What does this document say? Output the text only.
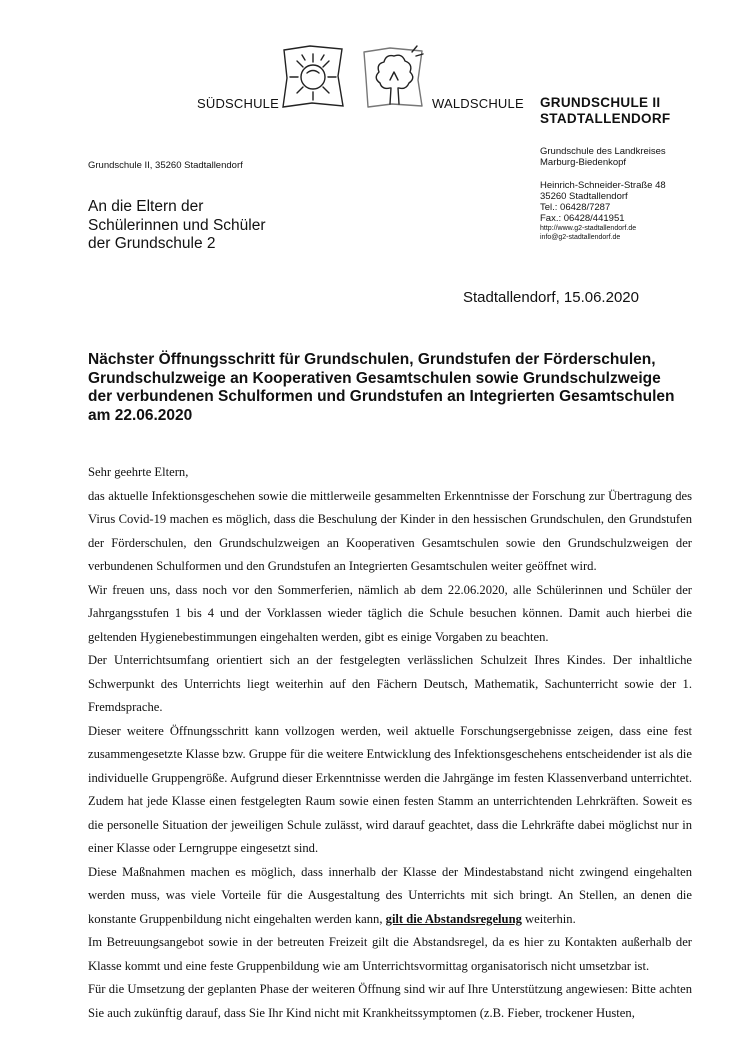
SÜDSCHULE	WALDSCHULE GRUNDSCHULE II
STADTALLENDORF
Grundschule II, 35260 Stadtallendorf
Grundschule des Landkreises
Marburg-Biedenkopf
Heinrich-Schneider-Straße 48
35260 Stadtallendorf
Tel.: 06428/7287
Fax.: 06428/441951
http://www.g2-stadtallendorf.de
info@g2-stadtallendorf.de
An die Eltern der
Schülerinnen und Schüler
der Grundschule 2
Stadtallendorf, 15.06.2020
Nächster Öffnungsschritt für Grundschulen, Grundstufen der Förderschulen, Grundschulzweige an Kooperativen Gesamtschulen sowie Grundschulzweige der verbundenen Schulformen und Grundstufen an Integrierten Gesamtschulen am 22.06.2020

Sehr geehrte Eltern,

das aktuelle Infektionsgeschehen sowie die mittlerweile gesammelten Erkenntnisse der Forschung zur Übertragung des Virus Covid-19 machen es möglich, dass die Beschulung der Kinder in den hessischen Grundschulen, den Grundstufen der Förderschulen, den Grundschulzweigen an Kooperativen Gesamtschulen sowie den Grundschulzweigen der verbundenen Schulformen und den Grundstufen an Integrierten Gesamtschulen weiter geöffnet wird.

Wir freuen uns, dass noch vor den Sommerferien, nämlich ab dem 22.06.2020, alle Schülerinnen und Schüler der Jahrgangsstufen 1 bis 4 und der Vorklassen wieder täglich die Schule besuchen können. Damit auch hierbei die geltenden Hygienebestimmungen eingehalten werden, gibt es einige Vorgaben zu beachten.

Der Unterrichtsumfang orientiert sich an der festgelegten verlässlichen Schulzeit Ihres Kindes. Der inhaltliche Schwerpunkt des Unterrichts liegt weiterhin auf den Fächern Deutsch, Mathematik, Sachunterricht sowie der 1. Fremdsprache.

Dieser weitere Öffnungsschritt kann vollzogen werden, weil aktuelle Forschungsergebnisse zeigen, dass eine fest zusammengesetzte Klasse bzw. Gruppe für die weitere Entwicklung des Infektionsgeschehens entscheidender ist als die individuelle Gruppengröße. Aufgrund dieser Erkenntnisse werden die Jahrgänge im festen Klassenverband unterrichtet. Zudem hat jede Klasse einen festgelegten Raum sowie einen festen Stamm an unterrichtenden Lehrkräften. Soweit es die personelle Situation der jeweiligen Schule zulässt, wird darauf geachtet, dass die Lehrkräfte dabei möglichst nur in einer Klasse oder Lerngruppe eingesetzt sind.

Diese Maßnahmen machen es möglich, dass innerhalb der Klasse der Mindestabstand nicht zwingend eingehalten werden muss, was viele Vorteile für die Ausgestaltung des Unterrichts mit sich bringt. An Stellen, an denen die konstante Gruppenbildung nicht eingehalten werden kann, gilt die Abstandsregelung weiterhin.

Im Betreuungsangebot sowie in der betreuten Freizeit gilt die Abstandsregel, da es hier zu Kontakten außerhalb der Klasse kommt und eine feste Gruppenbildung wie am Unterrichtsvormittag organisatorisch nicht umsetzbar ist.

Für die Umsetzung der geplanten Phase der weiteren Öffnung sind wir auf Ihre Unterstützung angewiesen: Bitte achten Sie auch zukünftig darauf, dass Sie Ihr Kind nicht mit Krankheitssymptomen (z.B. Fieber, trockener Husten,
